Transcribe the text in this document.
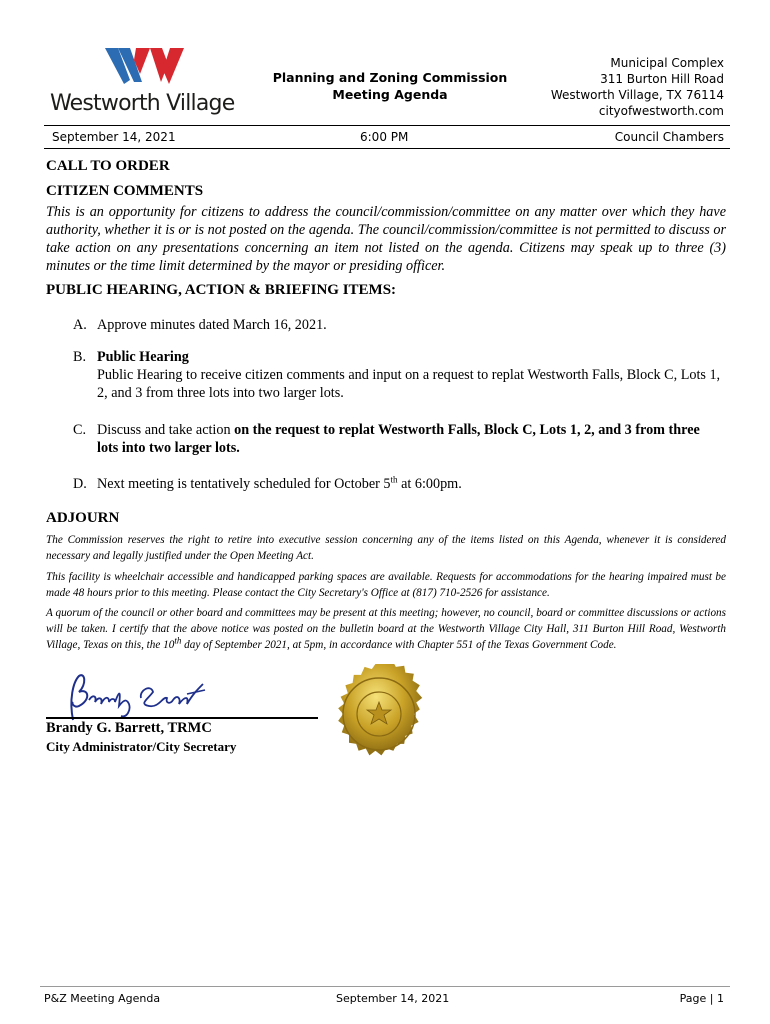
Westworth Village
Planning and Zoning Commission
Meeting Agenda
Municipal Complex
311 Burton Hill Road
Westworth Village, TX 76114
cityofwestworth.com
September 14, 2021	6:00 PM	Council Chambers
CALL TO ORDER
CITIZEN COMMENTS
This is an opportunity for citizens to address the council/commission/committee on any matter over which they have authority, whether it is or is not posted on the agenda. The council/commission/committee is not permitted to discuss or take action on any presentations concerning an item not listed on the agenda. Citizens may speak up to three (3) minutes or the time limit determined by the mayor or presiding officer.
PUBLIC HEARING, ACTION & BRIEFING ITEMS:
A. Approve minutes dated March 16, 2021.
B. Public Hearing
Public Hearing to receive citizen comments and input on a request to replat Westworth Falls, Block C, Lots 1, 2, and 3 from three lots into two larger lots.
C. Discuss and take action on the request to replat Westworth Falls, Block C, Lots 1, 2, and 3 from three lots into two larger lots.
D. Next meeting is tentatively scheduled for October 5th at 6:00pm.
ADJOURN
The Commission reserves the right to retire into executive session concerning any of the items listed on this Agenda, whenever it is considered necessary and legally justified under the Open Meeting Act.
This facility is wheelchair accessible and handicapped parking spaces are available. Requests for accommodations for the hearing impaired must be made 48 hours prior to this meeting. Please contact the City Secretary's Office at (817) 710-2526 for assistance.
A quorum of the council or other board and committees may be present at this meeting; however, no council, board or committee discussions or actions will be taken. I certify that the above notice was posted on the bulletin board at the Westworth Village City Hall, 311 Burton Hill Road, Westworth Village, Texas on this, the 10th day of September 2021, at 5pm, in accordance with Chapter 551 of the Texas Government Code.
Brandy G. Barrett, TRMC
City Administrator/City Secretary
P&Z Meeting Agenda	September 14, 2021	Page | 1
